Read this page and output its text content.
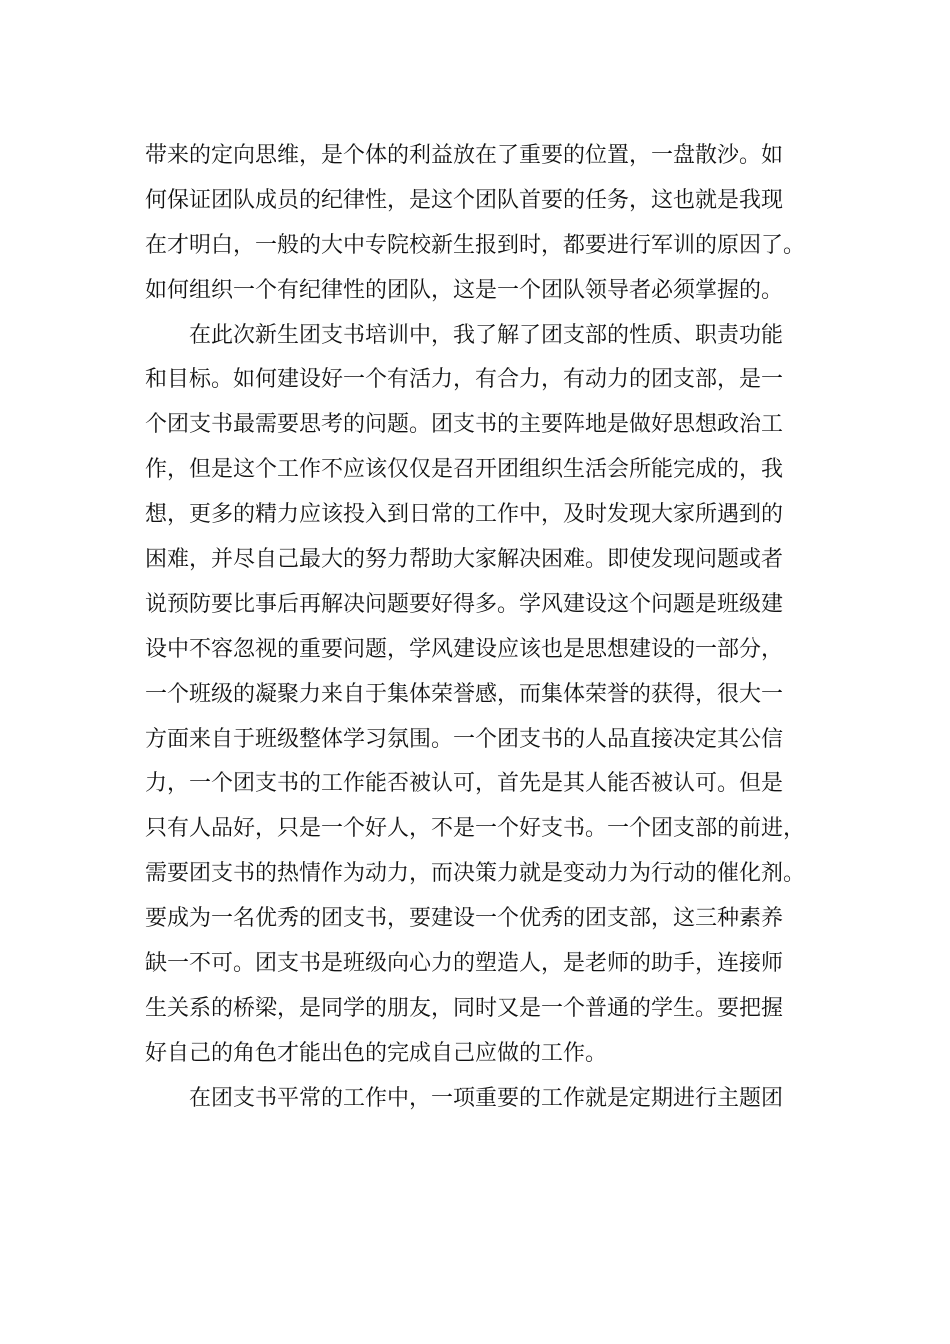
带来的定向思维，是个体的利益放在了重要的位置，一盘散沙。如
何保证团队成员的纪律性，是这个团队首要的任务，这也就是我现
在才明白，一般的大中专院校新生报到时，都要进行军训的原因了。
如何组织一个有纪律性的团队，这是一个团队领导者必须掌握的。
在此次新生团支书培训中，我了解了团支部的性质、职责功能
和目标。如何建设好一个有活力，有合力，有动力的团支部，是一
个团支书最需要思考的问题。团支书的主要阵地是做好思想政治工
作，但是这个工作不应该仅仅是召开团组织生活会所能完成的，我
想，更多的精力应该投入到日常的工作中，及时发现大家所遇到的
困难，并尽自己最大的努力帮助大家解决困难。即使发现问题或者
说预防要比事后再解决问题要好得多。学风建设这个问题是班级建
设中不容忽视的重要问题，学风建设应该也是思想建设的一部分，
一个班级的凝聚力来自于集体荣誉感，而集体荣誉的获得，很大一
方面来自于班级整体学习氛围。一个团支书的人品直接决定其公信
力，一个团支书的工作能否被认可，首先是其人能否被认可。但是
只有人品好，只是一个好人，不是一个好支书。一个团支部的前进，
需要团支书的热情作为动力，而决策力就是变动力为行动的催化剂。
要成为一名优秀的团支书，要建设一个优秀的团支部，这三种素养
缺一不可。团支书是班级向心力的塑造人，是老师的助手，连接师
生关系的桥梁，是同学的朋友，同时又是一个普通的学生。要把握
好自己的角色才能出色的完成自己应做的工作。
在团支书平常的工作中，一项重要的工作就是定期进行主题团
